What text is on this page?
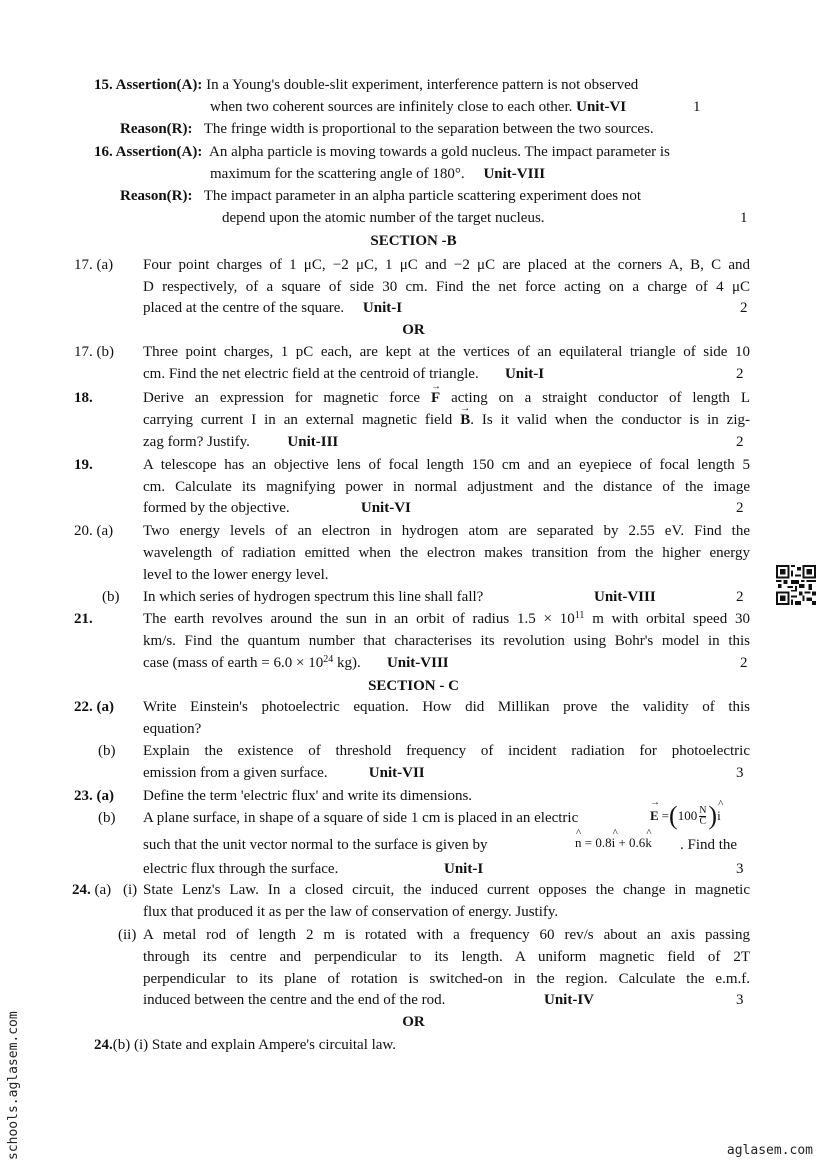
15. Assertion(A): In a Young's double-slit experiment, interference pattern is not observed
when two coherent sources are infinitely close to each other. Unit-VI	1
Reason(R): The fringe width is proportional to the separation between the two sources.
16. Assertion(A): An alpha particle is moving towards a gold nucleus. The impact parameter is
maximum for the scattering angle of 180°. Unit-VIII
Reason(R): The impact parameter in an alpha particle scattering experiment does not
depend upon the atomic number of the target nucleus.	1
SECTION -B
17. (a) Four point charges of 1 μC, −2 μC, 1 μC and −2 μC are placed at the corners A, B, C and
D respectively, of a square of side 30 cm. Find the net force acting on a charge of 4 μC
placed at the centre of the square. Unit-I	2
OR
17. (b) Three point charges, 1 pC each, are kept at the vertices of an equilateral triangle of side 10
cm. Find the net electric field at the centroid of triangle. Unit-I	2
18.	Derive an expression for magnetic force → F acting on a straight conductor of length L
carrying current I in an external magnetic field → B. Is it valid when the conductor is in zig-
zag form? Justify.	Unit-III	2
19.	A telescope has an objective lens of focal length 150 cm and an eyepiece of focal length 5
cm. Calculate its magnifying power in normal adjustment and the distance of the image
formed by the objective.	Unit-VI	2
20. (a) Two energy levels of an electron in hydrogen atom are separated by 2.55 eV. Find the
wavelength of radiation emitted when the electron makes transition from the higher energy
level to the lower energy level.
(b) In which series of hydrogen spectrum this line shall fall?	Unit-VIII	2
21.	The earth revolves around the sun in an orbit of radius $1.5 \times 10^{11}$ m with orbital speed 30
km/s. Find the quantum number that characterises its revolution using Bohr's model in this
case (mass of earth = $6.0 \times 10^{24}$ kg). Unit-VIII	2
SECTION - C
22. (a) Write Einstein's photoelectric equation. How did Millikan prove the validity of this
equation?
(b) Explain the existence of threshold frequency of incident radiation for photoelectric
emission from a given surface.	Unit-VII	3
23. (a) Define the term 'electric flux' and write its dimensions.
(b) A plane surface, in shape of a square of side 1 cm is placed in an electric	→ E = ( $100 \frac{N}{C}$ ) ^ i
such that the unit vector normal to the surface is given by	^ n = 0.8^ i + 0.6^ k . Find the
electric flux through the surface.	Unit-I	3
24. (a) (i) State Lenz's Law. In a closed circuit, the induced current opposes the change in magnetic
flux that produced it as per the law of conservation of energy. Justify.
(ii) A metal rod of length 2 m is rotated with a frequency 60 rev/s about an axis passing
through its centre and perpendicular to its length. A uniform magnetic field of 2T
perpendicular to its plane of rotation is switched-on in the region. Calculate the e.m.f.
induced between the centre and the end of the rod.	Unit-IV	3
OR
24.(b) (i) State and explain Ampere's circuital law.
schools.aglasem.com	aglasem.com
